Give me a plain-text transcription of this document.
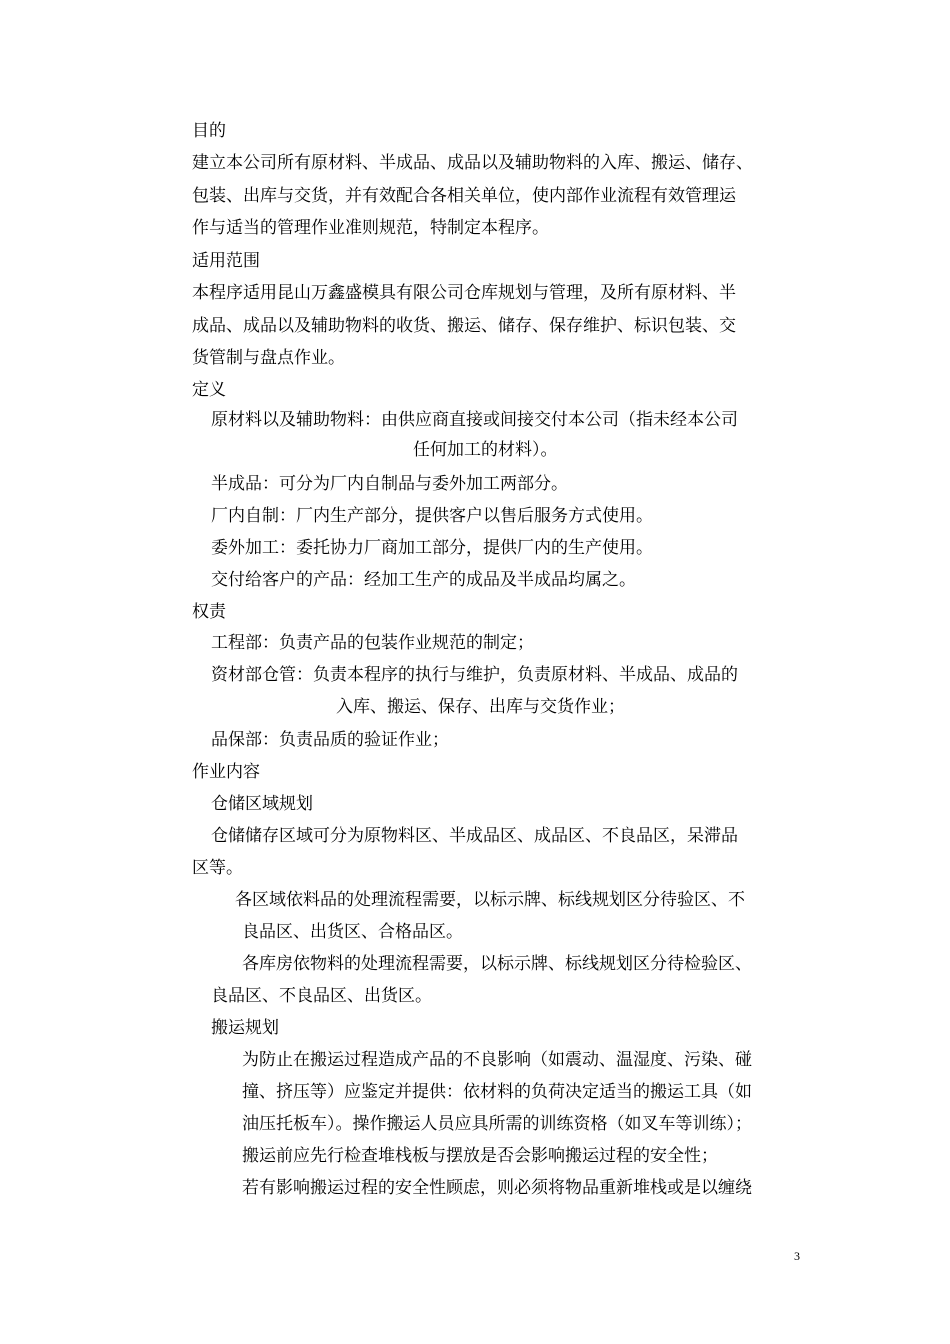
目的
建立本公司所有原材料、半成品、成品以及辅助物料的入库、搬运、储存、
包装、出库与交货，并有效配合各相关单位，使内部作业流程有效管理运
作与适当的管理作业准则规范，特制定本程序。
适用范围
本程序适用昆山万鑫盛模具有限公司仓库规划与管理，及所有原材料、半
成品、成品以及辅助物料的收货、搬运、储存、保存维护、标识包装、交
货管制与盘点作业。
定义
原材料以及辅助物料：由供应商直接或间接交付本公司（指未经本公司
任何加工的材料）。
半成品：可分为厂内自制品与委外加工两部分。
厂内自制：厂内生产部分，提供客户以售后服务方式使用。
委外加工：委托协力厂商加工部分，提供厂内的生产使用。
交付给客户的产品：经加工生产的成品及半成品均属之。
权责
工程部：负责产品的包装作业规范的制定；
资材部仓管：负责本程序的执行与维护，负责原材料、半成品、成品的
入库、搬运、保存、出库与交货作业；
品保部：负责品质的验证作业；
作业内容
仓储区域规划
仓储储存区域可分为原物料区、半成品区、成品区、不良品区，呆滞品
区等。
各区域依料品的处理流程需要，以标示牌、标线规划区分待验区、不
良品区、出货区、合格品区。
各库房依物料的处理流程需要，以标示牌、标线规划区分待检验区、
良品区、不良品区、出货区。
搬运规划
为防止在搬运过程造成产品的不良影响（如震动、温湿度、污染、碰
撞、挤压等）应鉴定并提供：依材料的负荷决定适当的搬运工具（如
油压托板车）。操作搬运人员应具所需的训练资格（如叉车等训练）；
搬运前应先行检查堆栈板与摆放是否会影响搬运过程的安全性；
若有影响搬运过程的安全性顾虑，则必须将物品重新堆栈或是以缠绕
3
